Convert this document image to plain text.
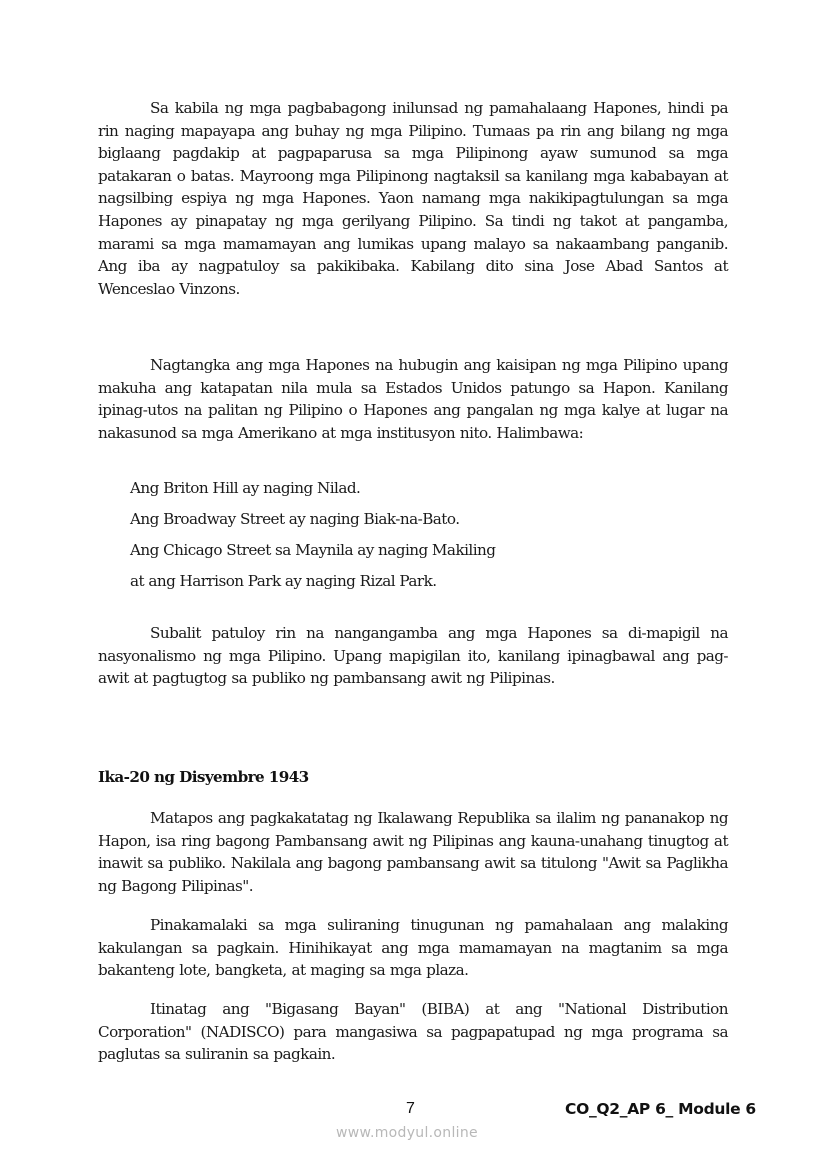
Sa kabila ng mga pagbabagong inilunsad ng pamahalaang Hapones, hindi pa rin naging mapayapa ang buhay ng mga Pilipino. Tumaas pa rin ang bilang ng mga biglaang pagdakip at pagpaparusa sa mga Pilipinong ayaw sumunod sa mga patakaran o batas. Mayroong mga Pilipinong nagtaksil sa kanilang mga kababayan at nagsilbing espiya ng mga Hapones. Yaon namang mga nakikipagtulungan sa mga Hapones ay pinapatay ng mga gerilyang Pilipino. Sa tindi ng takot at pangamba, marami sa mga mamamayan ang lumikas upang malayo sa nakaambang panganib. Ang iba ay nagpatuloy sa pakikibaka. Kabilang dito sina Jose Abad Santos at Wenceslao Vinzons.

Nagtangka ang mga Hapones na hubugin ang kaisipan ng mga Pilipino upang makuha ang katapatan nila mula sa Estados Unidos patungo sa Hapon. Kanilang ipinag-utos na palitan ng Pilipino o Hapones ang pangalan ng mga kalye at lugar na nakasunod sa mga Amerikano at mga institusyon nito. Halimbawa:

Ang Briton Hill ay naging Nilad.

Ang Broadway Street ay naging Biak-na-Bato.

Ang Chicago Street sa Maynila ay naging Makiling

at ang Harrison Park ay naging Rizal Park.

Subalit patuloy rin na nangangamba ang mga Hapones sa di-mapigil na nasyonalismo ng mga Pilipino. Upang mapigilan ito, kanilang ipinagbawal ang pag-awit at pagtugtog sa publiko ng pambansang awit ng Pilipinas.

Ika-20 ng Disyembre 1943

Matapos ang pagkakatatag ng Ikalawang Republika sa ilalim ng pananakop ng Hapon, isa ring bagong Pambansang awit ng Pilipinas ang kauna-unahang tinugtog at inawit sa publiko. Nakilala ang bagong pambansang awit sa titulong "Awit sa Paglikha ng Bagong Pilipinas".

Pinakamalaki sa mga suliraning tinugunan ng pamahalaan ang malaking kakulangan sa pagkain. Hinihikayat ang mga mamamayan na magtanim sa mga bakanteng lote, bangketa, at maging sa mga plaza.

Itinatag ang "Bigasang Bayan" (BIBA) at ang "National Distribution Corporation" (NADISCO) para mangasiwa sa pagpapatupad ng mga programa sa paglutas sa suliranin sa pagkain.

7	CO_Q2_AP 6_ Module 6
www.modyul.online
